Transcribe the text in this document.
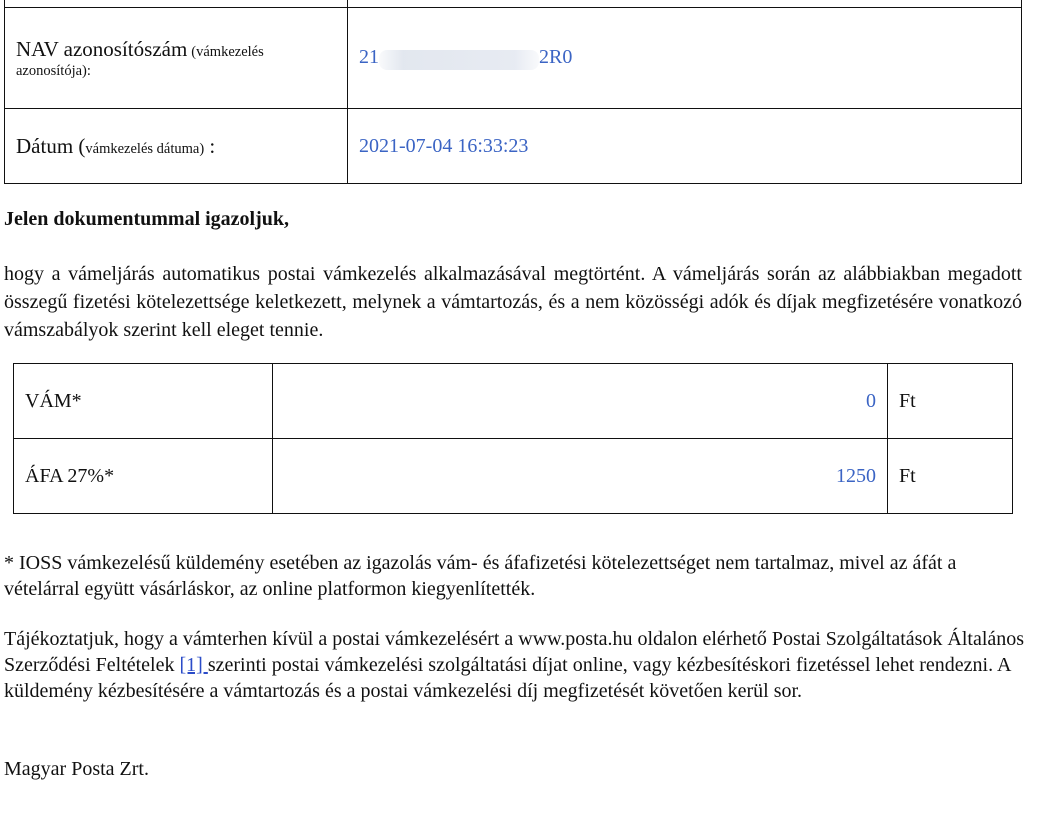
NAV azonosítószám (vámkezelés azonosítója):	21 2R0
Dátum (vámkezelés dátuma) :	2021-07-04 16:33:23

Jelen dokumentummal igazoljuk,

hogy a vámeljárás automatikus postai vámkezelés alkalmazásával megtörtént. A vámeljárás során az alábbiakban megadott összegű fizetési kötelezettsége keletkezett, melynek a vámtartozás, és a nem közösségi adók és díjak megfizetésére vonatkozó vámszabályok szerint kell eleget tennie.

VÁM*	0	Ft
ÁFA 27%*	1250	Ft

* IOSS vámkezelésű küldemény esetében az igazolás vám- és áfafizetési kötelezettséget nem tartalmaz, mivel az áfát a vételárral együtt vásárláskor, az online platformon kiegyenlítették.

Tájékoztatjuk, hogy a vámterhen kívül a postai vámkezelésért a www.posta.hu oldalon elérhető Postai Szolgáltatások Általános Szerződési Feltételek [1] szerinti postai vámkezelési szolgáltatási díjat online, vagy kézbesítéskori fizetéssel lehet rendezni. A küldemény kézbesítésére a vámtartozás és a postai vámkezelési díj megfizetését követően kerül sor.

Magyar Posta Zrt.
